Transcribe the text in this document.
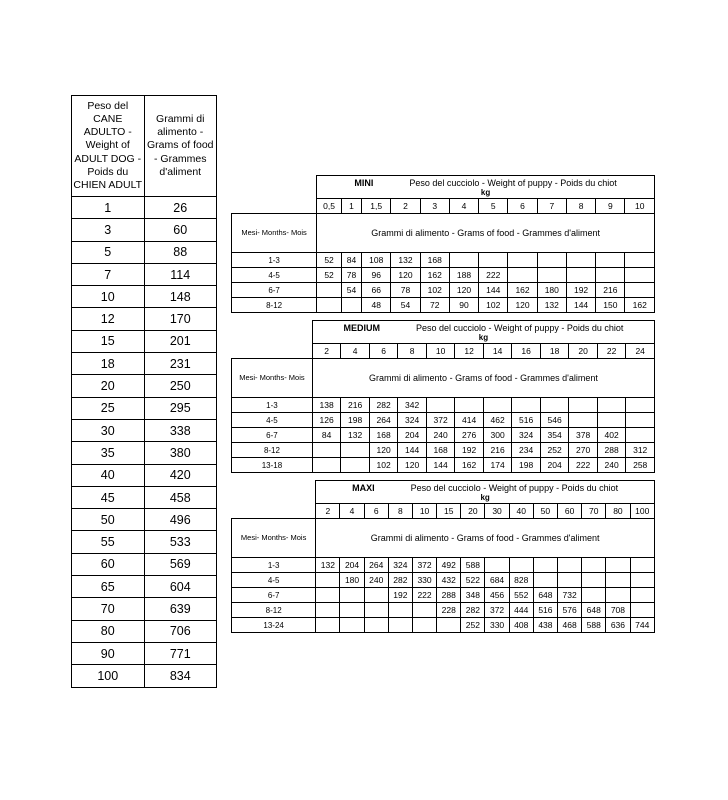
Peso del CANE ADULTO - Weight of ADULT DOG - Poids du CHIEN ADULT	Grammi di alimento - Grams of food - Grammes d'aliment
1	26
3	60
5	88
7	114
10	148
12	170
15	201
18	231
20	250
25	295
30	338
35	380
40	420
45	458
50	496
55	533
60	569
65	604
70	639
80	706
90	771
100	834

	MINI Peso del cucciolo - Weight of puppy - Poids du chiot
kg											

	0,5	1	1,5	2	3	4	5	6	7	8	9	10
Mesi- Months- Mois	Grammi di alimento - Grams of food - Grammes d'aliment											
1-3	52	84	108	132	168							
4-5	52	78	96	120	162	188	222					
6-7		54	66	78	102	120	144	162	180	192	216	
8-12			48	54	72	90	102	120	132	144	150	162

	MEDIUM Peso del cucciolo - Weight of puppy - Poids du chiot
kg											

	2	4	6	8	10	12	14	16	18	20	22	24
Mesi- Months- Mois	Grammi di alimento - Grams of food - Grammes d'aliment											
1-3	138	216	282	342								
4-5	126	198	264	324	372	414	462	516	546			
6-7	84	132	168	204	240	276	300	324	354	378	402	
8-12			120	144	168	192	216	234	252	270	288	312
13-18			102	120	144	162	174	198	204	222	240	258

	MAXI Peso del cucciolo - Weight of puppy - Poids du chiot
kg													

	2	4	6	8	10	15	20	30	40	50	60	70	80	100
Mesi- Months- Mois	Grammi di alimento - Grams of food - Grammes d'aliment													
1-3	132	204	264	324	372	492	588							
4-5		180	240	282	330	432	522	684	828					
6-7				192	222	288	348	456	552	648	732			
8-12						228	282	372	444	516	576	648	708	
13-24							252	330	408	438	468	588	636	744
